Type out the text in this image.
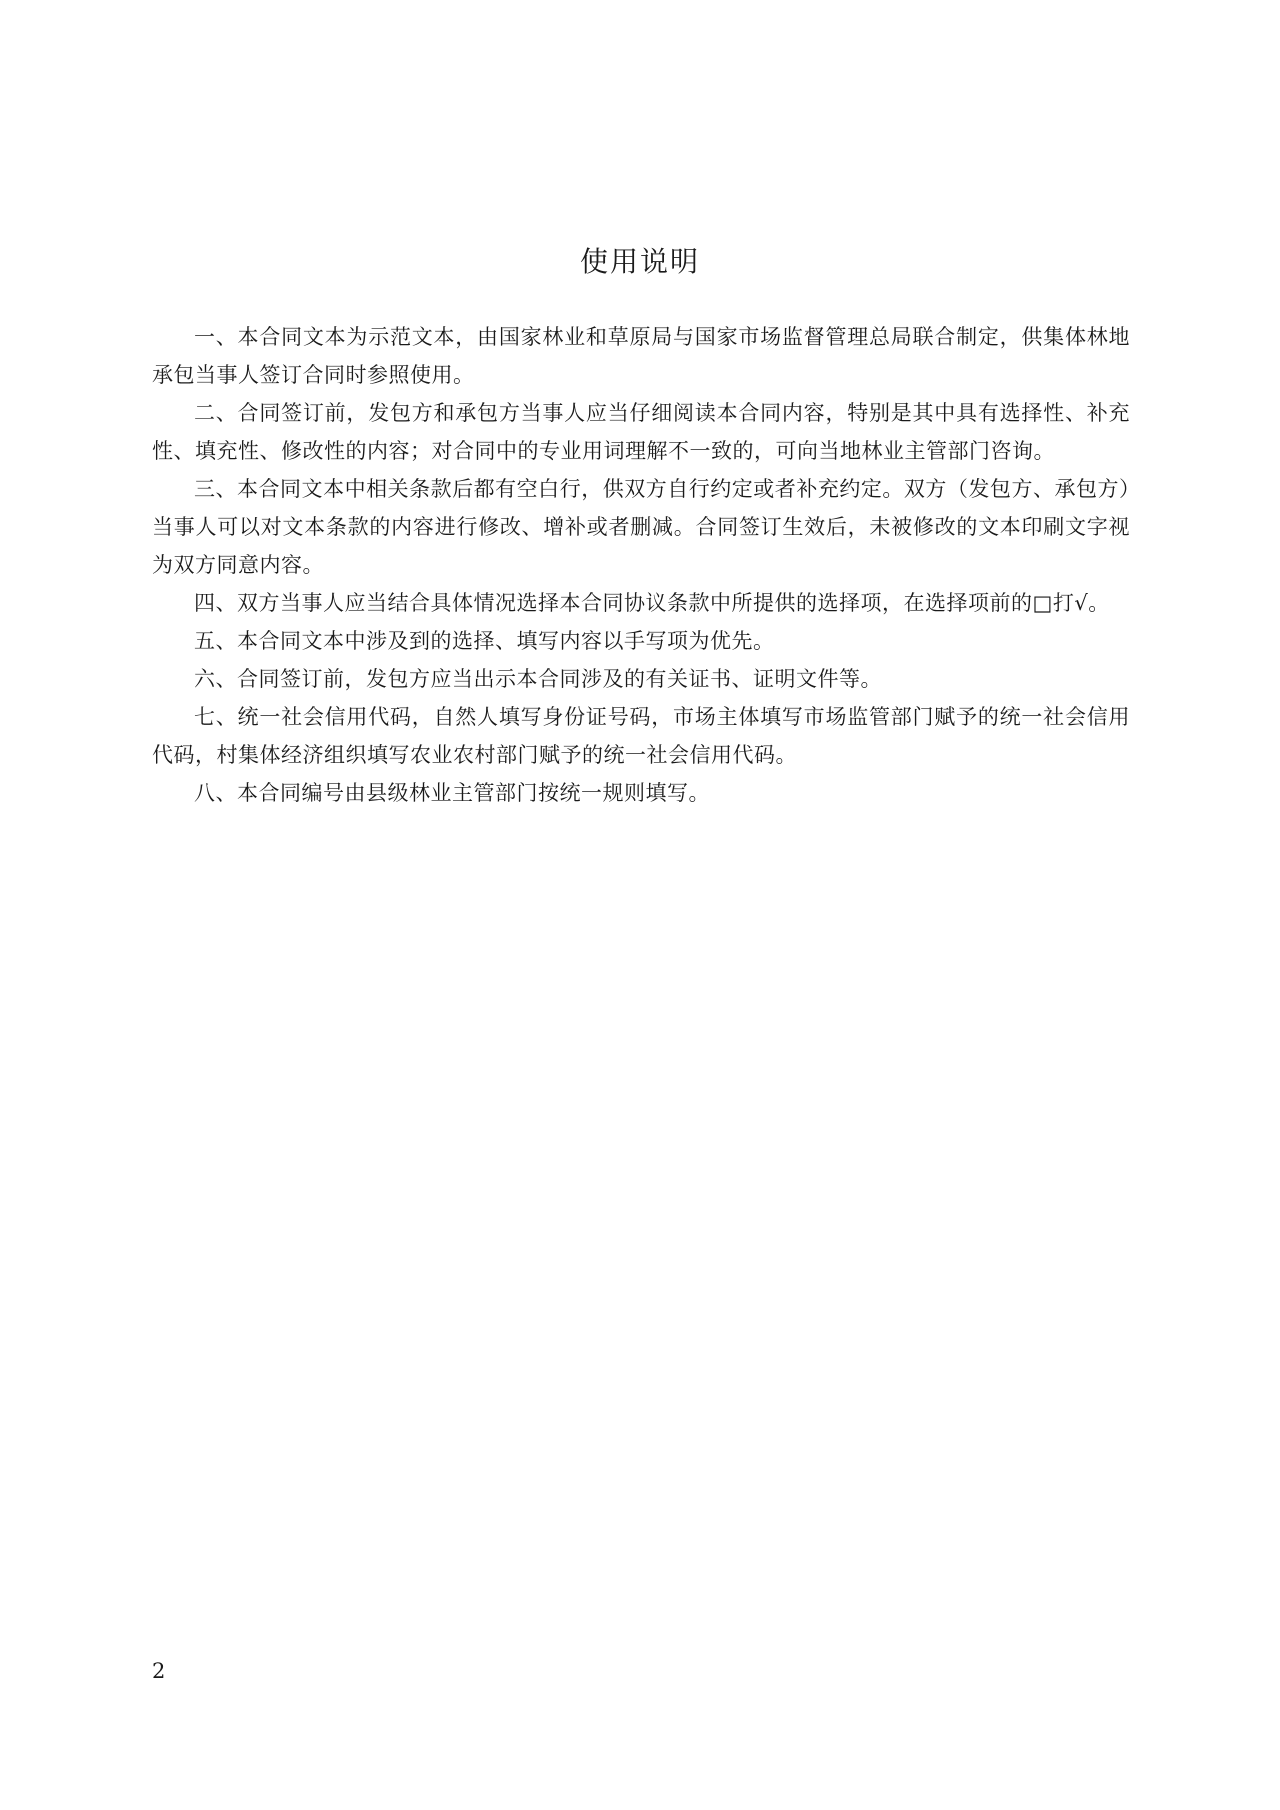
使用说明

一、本合同文本为示范文本，由国家林业和草原局与国家市场监督管理总局联合制定，供集体林地承包当事人签订合同时参照使用。

二、合同签订前，发包方和承包方当事人应当仔细阅读本合同内容，特别是其中具有选择性、补充性、填充性、修改性的内容；对合同中的专业用词理解不一致的，可向当地林业主管部门咨询。

三、本合同文本中相关条款后都有空白行，供双方自行约定或者补充约定。双方（发包方、承包方）当事人可以对文本条款的内容进行修改、增补或者删减。合同签订生效后，未被修改的文本印刷文字视为双方同意内容。

四、双方当事人应当结合具体情况选择本合同协议条款中所提供的选择项，在选择项前的□打√。

五、本合同文本中涉及到的选择、填写内容以手写项为优先。

六、合同签订前，发包方应当出示本合同涉及的有关证书、证明文件等。

七、统一社会信用代码，自然人填写身份证号码，市场主体填写市场监管部门赋予的统一社会信用代码，村集体经济组织填写农业农村部门赋予的统一社会信用代码。

八、本合同编号由县级林业主管部门按统一规则填写。

2
